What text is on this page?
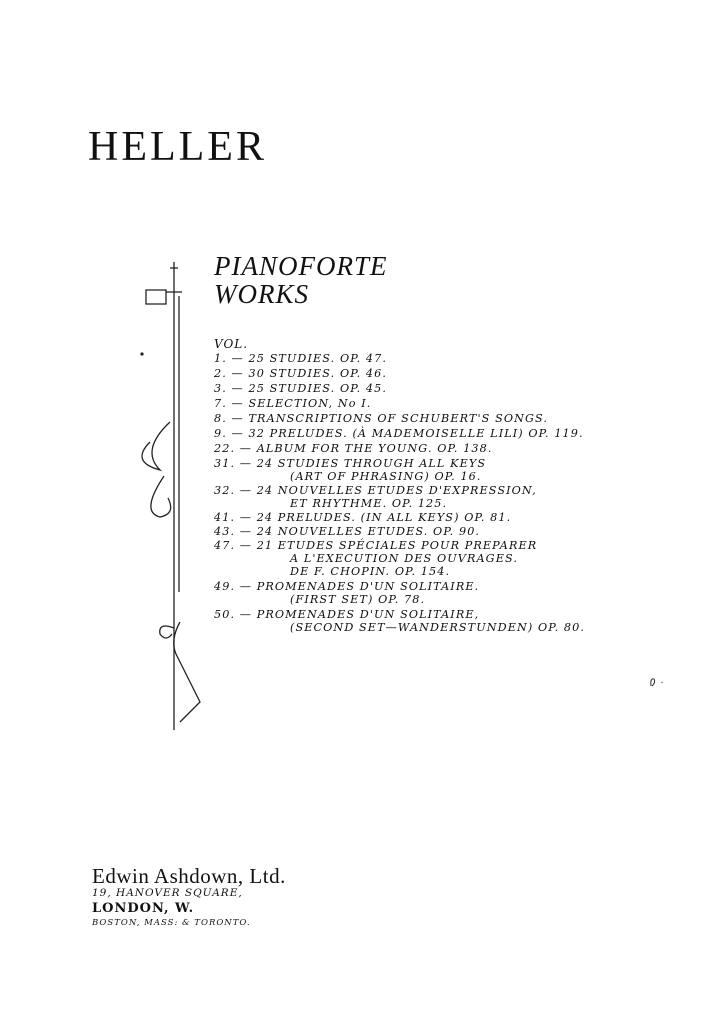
HELLER
PIANOFORTE
WORKS
VOL.
1. — 25 STUDIES. OP. 47.
2. — 30 STUDIES. OP. 46.
3. — 25 STUDIES. OP. 45.
7. — SELECTION, No I.
8. — TRANSCRIPTIONS OF SCHUBERT'S SONGS.
9. — 32 PRELUDES. (À MADEMOISELLE LILI) OP. 119.
22. — ALBUM FOR THE YOUNG. OP. 138.
31. — 24 STUDIES THROUGH ALL KEYS
(ART OF PHRASING) OP. 16.
32. — 24 NOUVELLES ETUDES D'EXPRESSION,
ET RHYTHME. OP. 125.
41. — 24 PRELUDES. (IN ALL KEYS) OP. 81.
43. — 24 NOUVELLES ETUDES. OP. 90.
47. — 21 ETUDES SPÉCIALES POUR PREPARER
A L'EXECUTION DES OUVRAGES.
DE F. CHOPIN. OP. 154.
49. — PROMENADES D'UN SOLITAIRE.
(FIRST SET) OP. 78.
50. — PROMENADES D'UN SOLITAIRE,
(SECOND SET—WANDERSTUNDEN) OP. 80.
Edwin Ashdown, Ltd.
19, HANOVER SQUARE,
LONDON, W.
BOSTON, MASS: & TORONTO.
